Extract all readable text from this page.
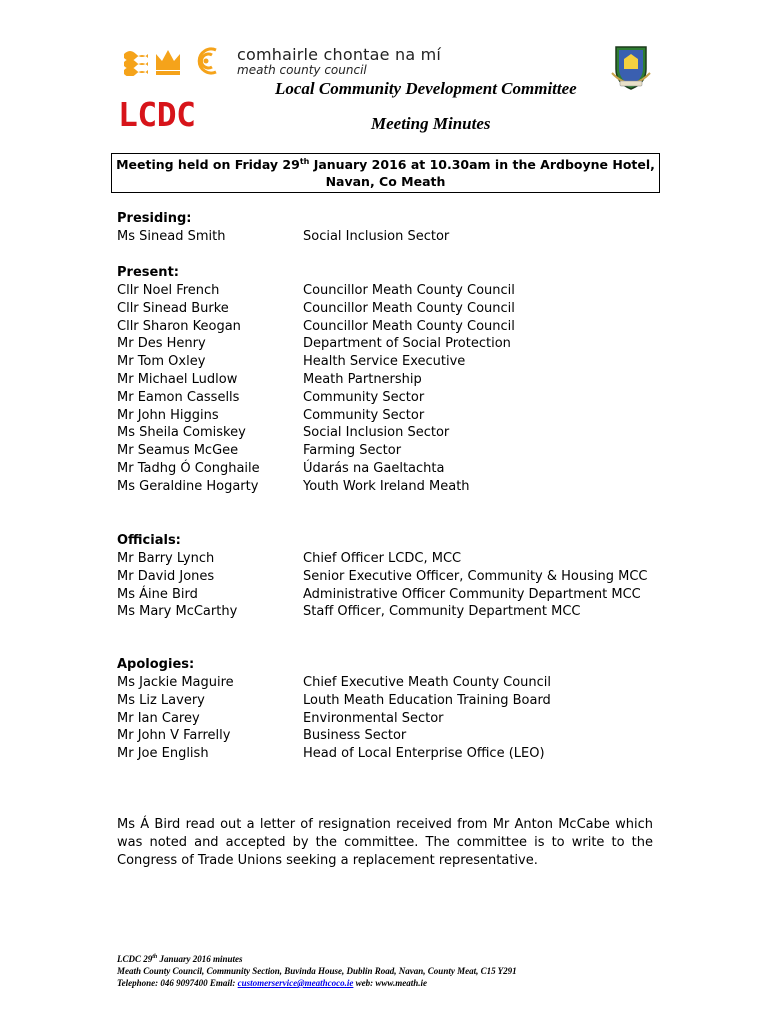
comhairle chontae na mí
meath county council
LCDC
Local Community Development Committee
Meeting Minutes
Meeting held on Friday 29th January 2016 at 10.30am in the Ardboyne Hotel,
Navan, Co Meath
Presiding:
Ms Sinead Smith	Social Inclusion Sector
Present:
Cllr Noel French	Councillor Meath County Council
Cllr Sinead Burke	Councillor Meath County Council
Cllr Sharon Keogan	Councillor Meath County Council
Mr Des Henry	Department of Social Protection
Mr Tom Oxley	Health Service Executive
Mr Michael Ludlow	Meath Partnership
Mr Eamon Cassells	Community Sector
Mr John Higgins	Community Sector
Ms Sheila Comiskey	Social Inclusion Sector
Mr Seamus McGee	Farming Sector
Mr Tadhg Ó Conghaile	Údarás na Gaeltachta
Ms Geraldine Hogarty	Youth Work Ireland Meath
Officials:
Mr Barry Lynch	Chief Officer LCDC, MCC
Mr David Jones	Senior Executive Officer, Community & Housing MCC
Ms Áine Bird	Administrative Officer Community Department MCC
Ms Mary McCarthy	Staff Officer, Community Department MCC
Apologies:
Ms Jackie Maguire	Chief Executive Meath County Council
Ms Liz Lavery	Louth Meath Education Training Board
Mr Ian Carey	Environmental Sector
Mr John V Farrelly	Business Sector
Mr Joe English	Head of Local Enterprise Office (LEO)
Ms Á Bird read out a letter of resignation received from Mr Anton McCabe which was noted and accepted by the committee. The committee is to write to the Congress of Trade Unions seeking a replacement representative.
LCDC 29th January 2016 minutes
Meath County Council, Community Section, Buvinda House, Dublin Road, Navan, County Meat, C15 Y291
Telephone: 046 9097400 Email: customerservice@meathcoco.ie web: www.meath.ie
